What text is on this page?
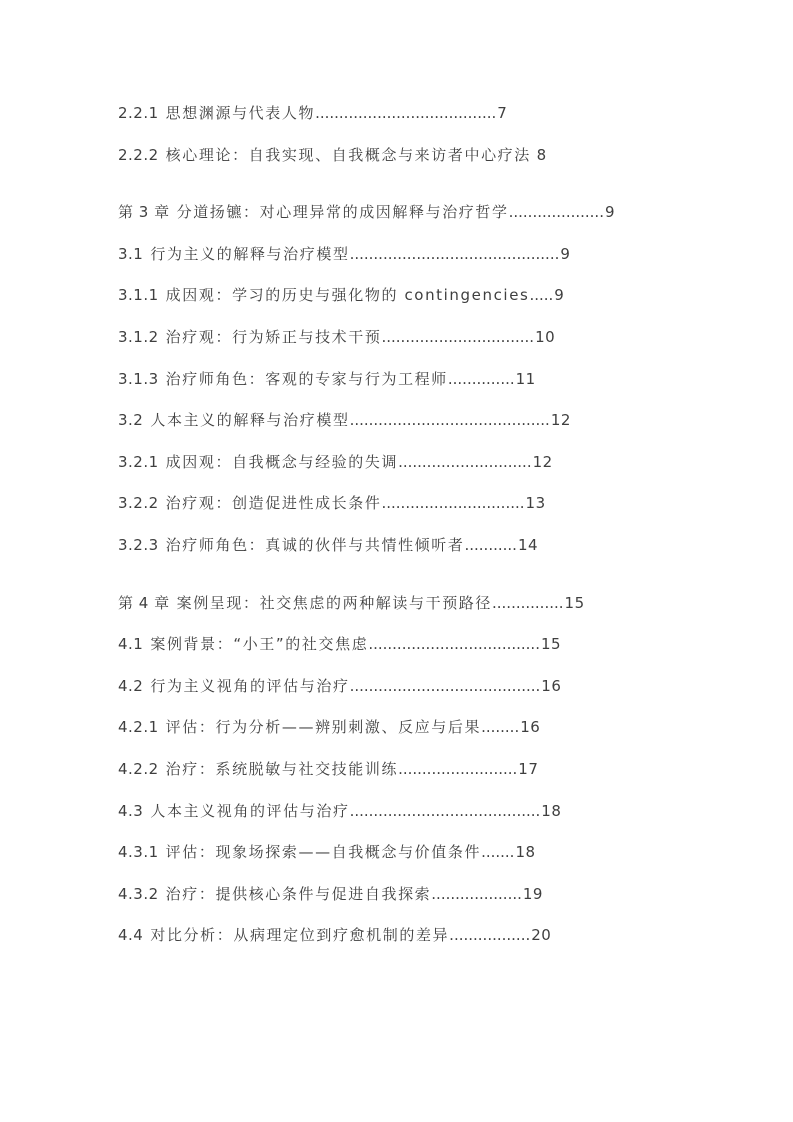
2.2.1 思想渊源与代表人物......................................7
2.2.2 核心理论：自我实现、自我概念与来访者中心疗法 8
第 3 章 分道扬镳：对心理异常的成因解释与治疗哲学....................9
3.1 行为主义的解释与治疗模型............................................9
3.1.1 成因观：学习的历史与强化物的 contingencies.....9
3.1.2 治疗观：行为矫正与技术干预................................10
3.1.3 治疗师角色：客观的专家与行为工程师..............11
3.2 人本主义的解释与治疗模型..........................................12
3.2.1 成因观：自我概念与经验的失调............................12
3.2.2 治疗观：创造促进性成长条件..............................13
3.2.3 治疗师角色：真诚的伙伴与共情性倾听者...........14
第 4 章 案例呈现：社交焦虑的两种解读与干预路径...............15
4.1 案例背景：“小王”的社交焦虑....................................15
4.2 行为主义视角的评估与治疗........................................16
4.2.1 评估：行为分析——辨别刺激、反应与后果........16
4.2.2 治疗：系统脱敏与社交技能训练.........................17
4.3 人本主义视角的评估与治疗........................................18
4.3.1 评估：现象场探索——自我概念与价值条件.......18
4.3.2 治疗：提供核心条件与促进自我探索...................19
4.4 对比分析：从病理定位到疗愈机制的差异.................20
